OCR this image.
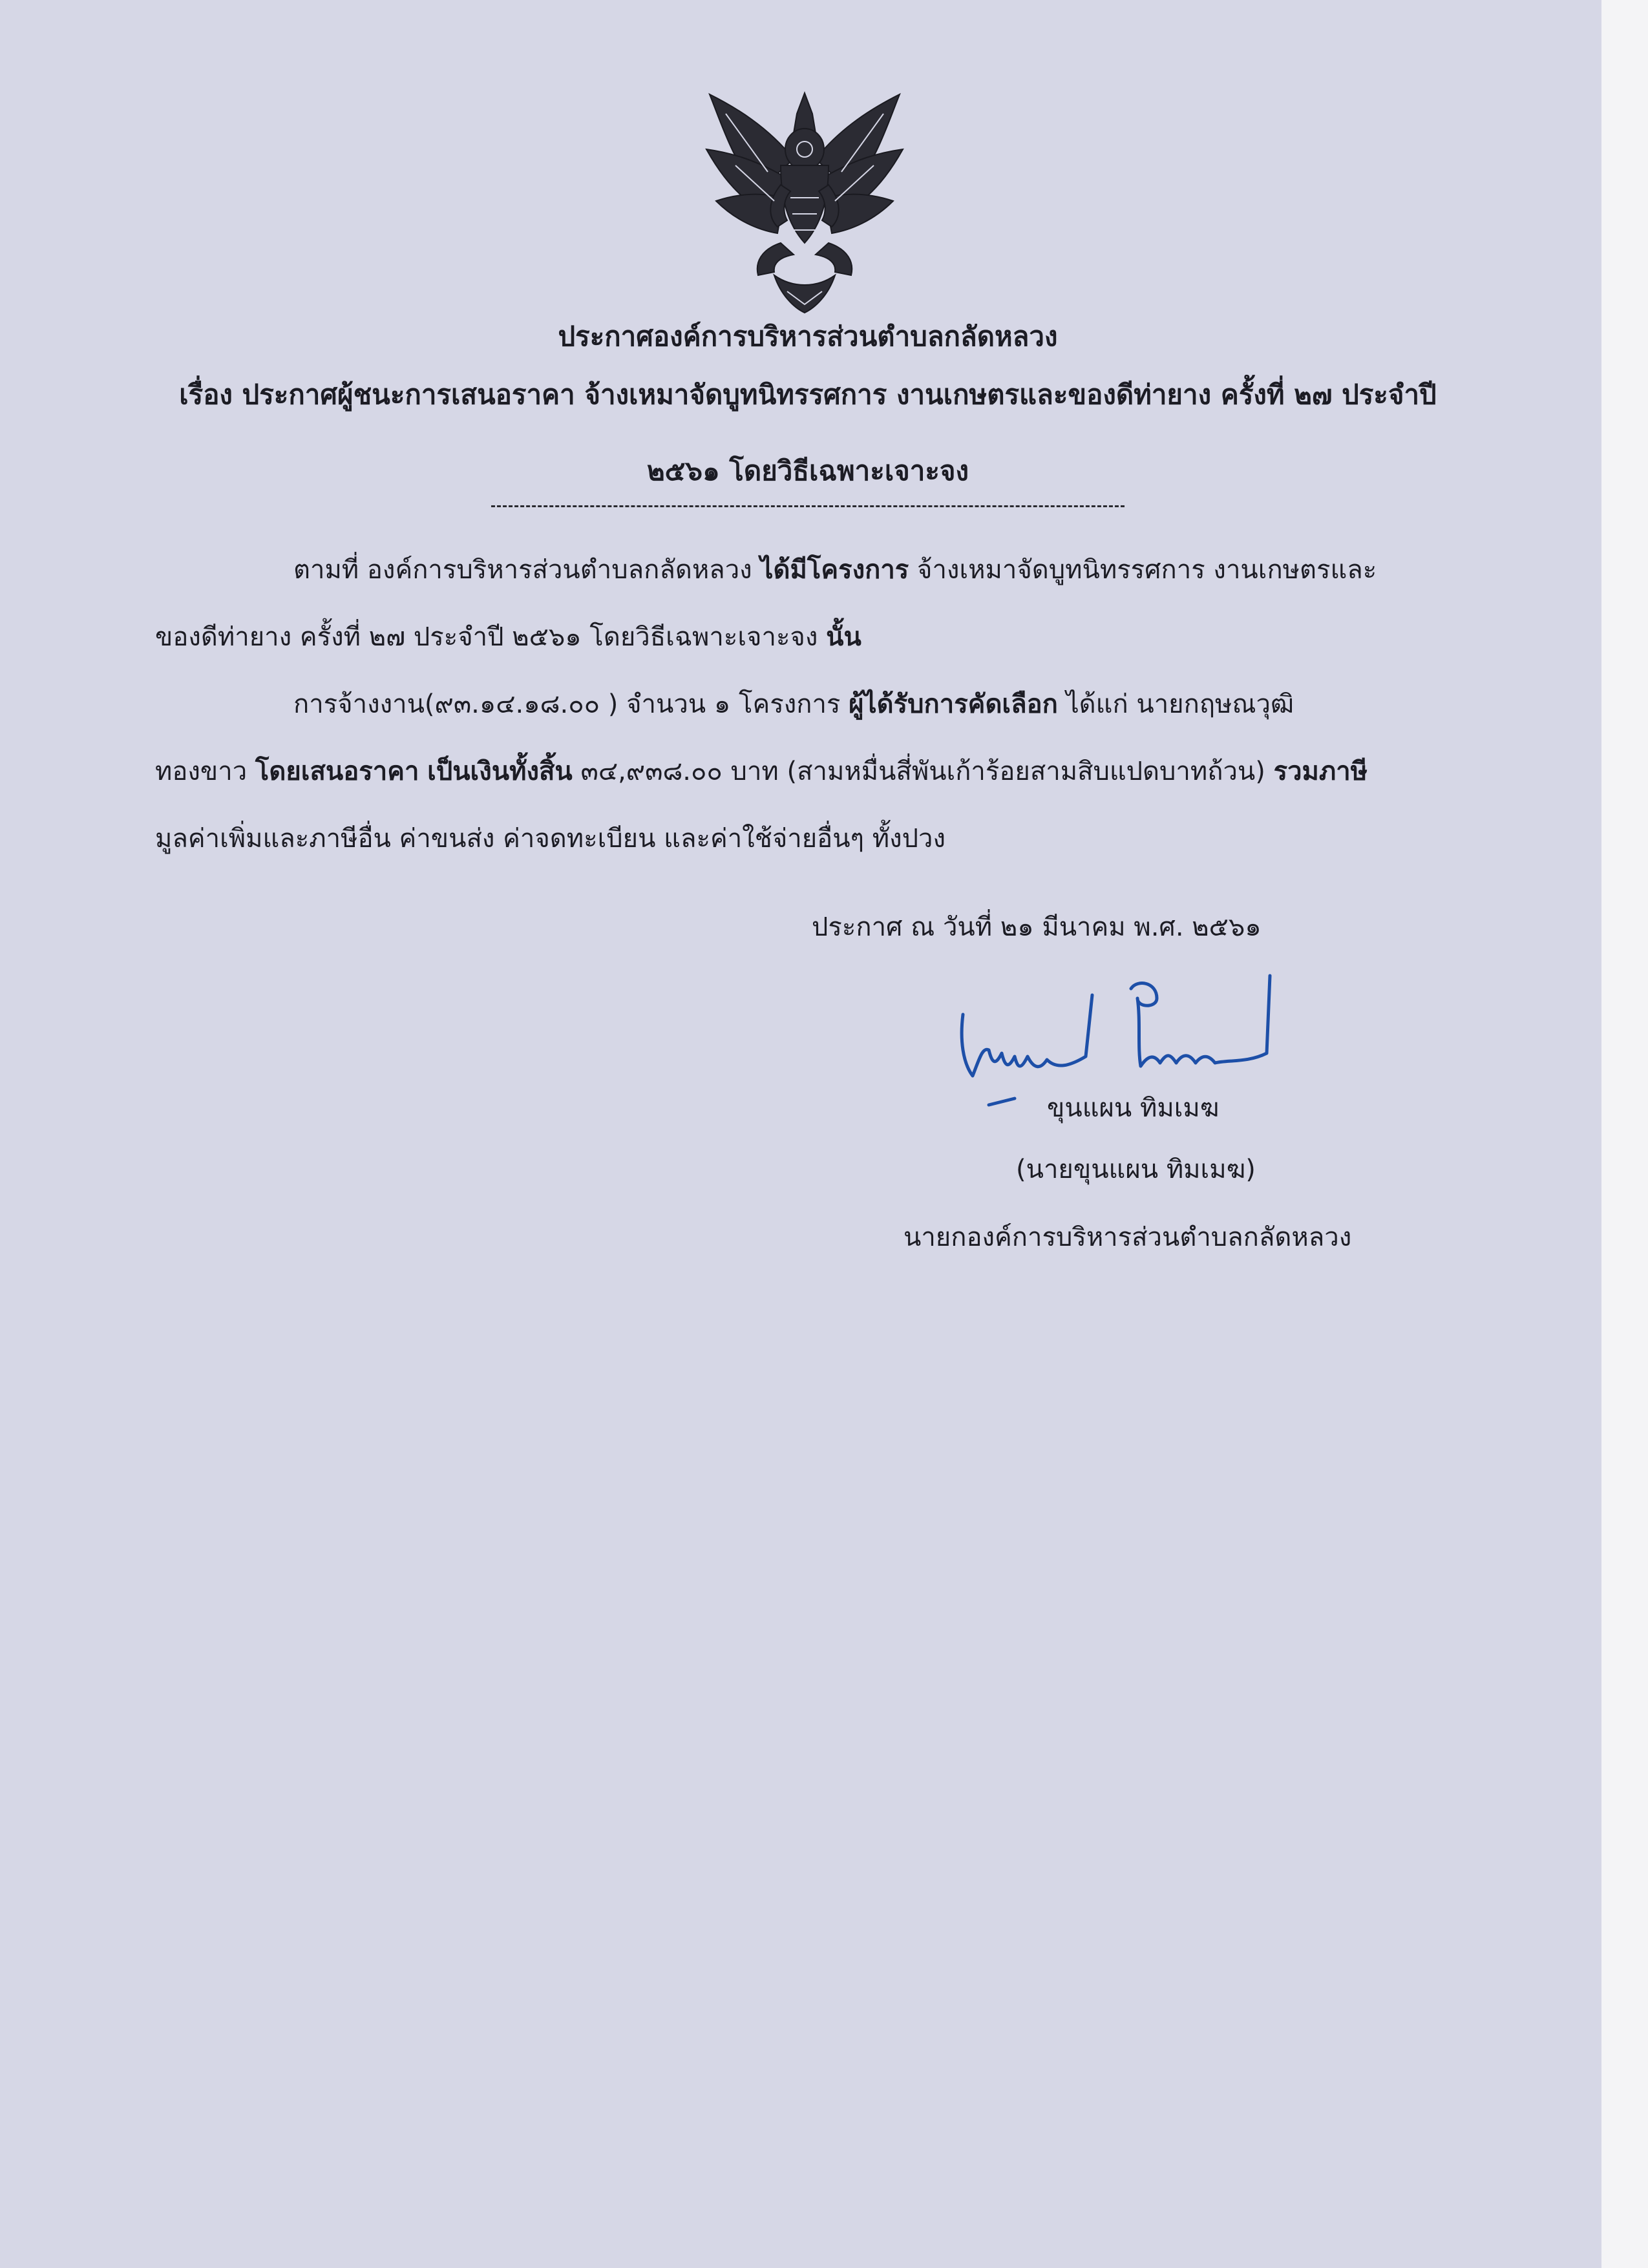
ประกาศองค์การบริหารส่วนตำบลกลัดหลวง
เรื่อง ประกาศผู้ชนะการเสนอราคา จ้างเหมาจัดบูทนิทรรศการ งานเกษตรและของดีท่ายาง ครั้งที่ ๒๗ ประจำปี
๒๕๖๑ โดยวิธีเฉพาะเจาะจง
ตามที่ องค์การบริหารส่วนตำบลกลัดหลวง ได้มีโครงการ จ้างเหมาจัดบูทนิทรรศการ งานเกษตรและ
ของดีท่ายาง ครั้งที่ ๒๗ ประจำปี ๒๕๖๑ โดยวิธีเฉพาะเจาะจง นั้น
การจ้างงาน(๙๓.๑๔.๑๘.๐๐ ) จำนวน ๑ โครงการ ผู้ได้รับการคัดเลือก ได้แก่ นายกฤษณวุฒิ
ทองขาว โดยเสนอราคา เป็นเงินทั้งสิ้น ๓๔,๙๓๘.๐๐ บาท (สามหมื่นสี่พันเก้าร้อยสามสิบแปดบาทถ้วน) รวมภาษี
มูลค่าเพิ่มและภาษีอื่น ค่าขนส่ง ค่าจดทะเบียน และค่าใช้จ่ายอื่นๆ ทั้งปวง
ประกาศ ณ วันที่ ๒๑ มีนาคม พ.ศ. ๒๕๖๑
ขุนแผน ทิมเมฆ
(นายขุนแผน ทิมเมฆ)
นายกองค์การบริหารส่วนตำบลกลัดหลวง
